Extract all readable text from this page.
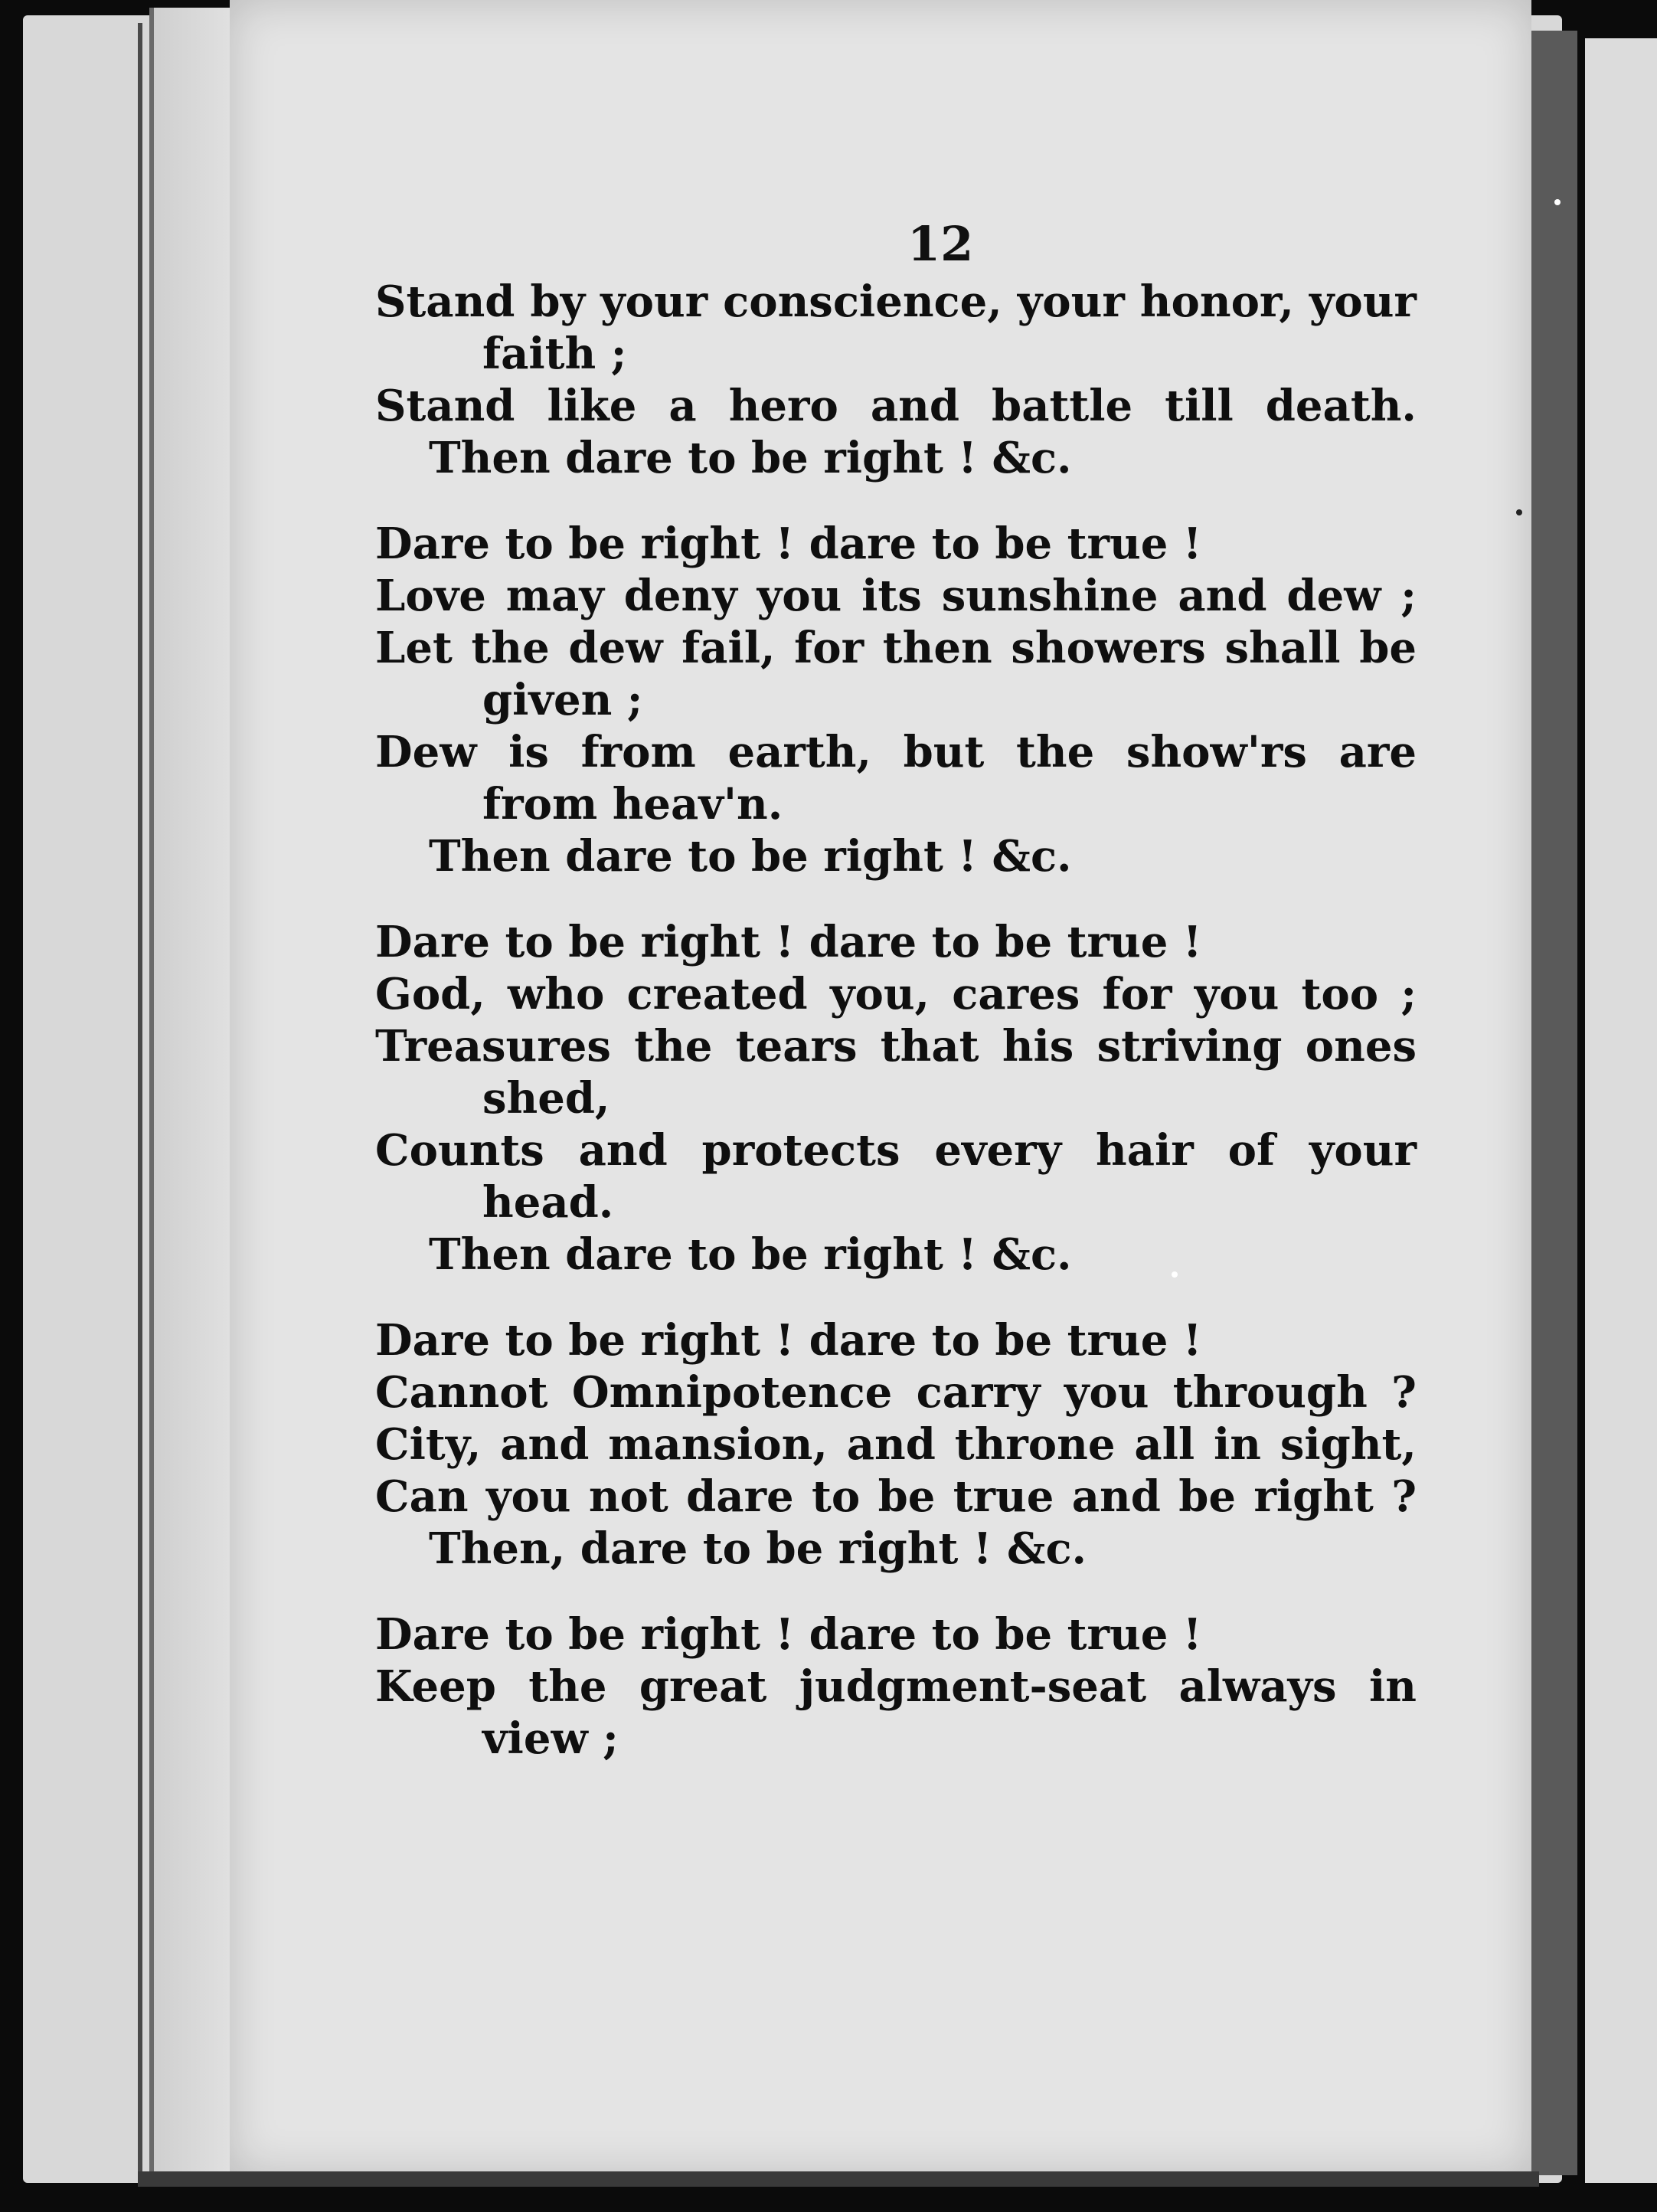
12
Stand by your conscience, your honor, your
faith ;
Stand like a hero and battle till death.
Then dare to be right ! &c.
Dare to be right ! dare to be true !
Love may deny you its sunshine and dew ;
Let the dew fail, for then showers shall be
given ;
Dew is from earth, but the show'rs are
from heav'n.
Then dare to be right ! &c.
Dare to be right ! dare to be true !
God, who created you, cares for you too ;
Treasures the tears that his striving ones
shed,
Counts and protects every hair of your
head.
Then dare to be right ! &c.
Dare to be right ! dare to be true !
Cannot Omnipotence carry you through ?
City, and mansion, and throne all in sight,
Can you not dare to be true and be right ?
Then, dare to be right ! &c.
Dare to be right ! dare to be true !
Keep the great judgment-seat always in
view ;
